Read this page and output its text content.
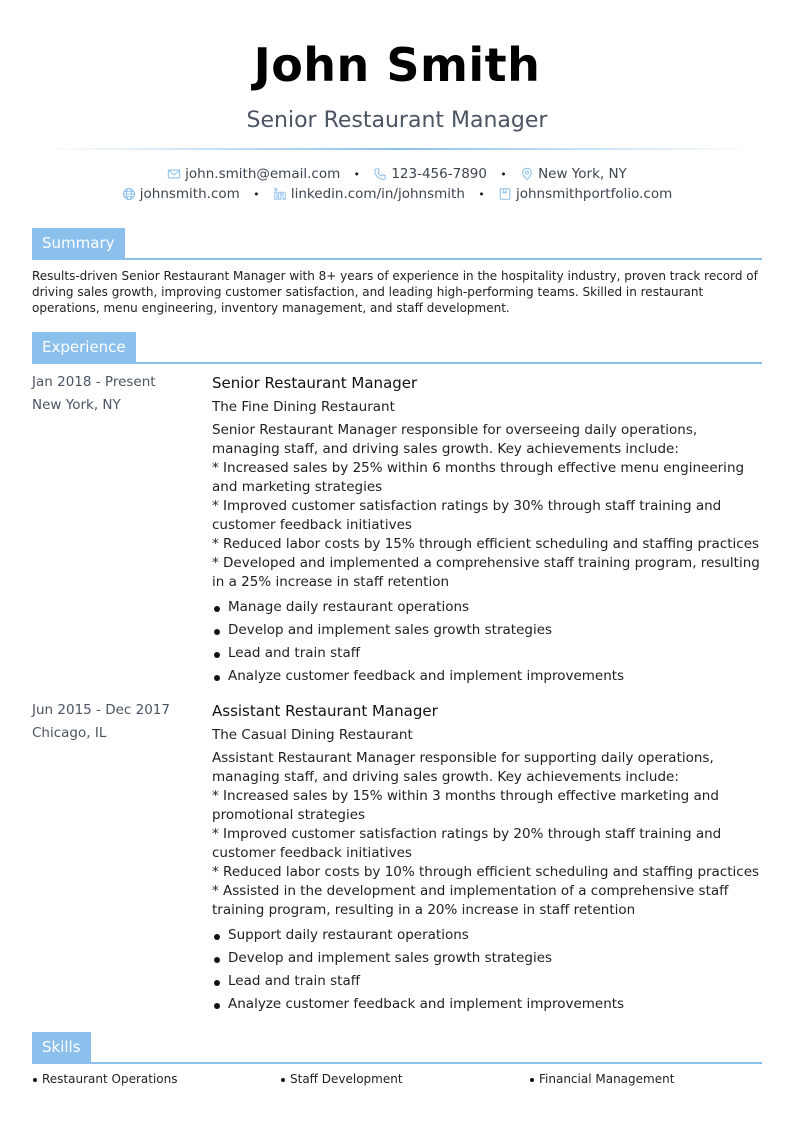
John Smith
Senior Restaurant Manager
john.smith@email.com • 123-456-7890 • New York, NY
johnsmith.com • linkedin.com/in/johnsmith • johnsmithportfolio.com
Summary
Results-driven Senior Restaurant Manager with 8+ years of experience in the hospitality industry, proven track record of driving sales growth, improving customer satisfaction, and leading high-performing teams. Skilled in restaurant operations, menu engineering, inventory management, and staff development.
Experience
Jan 2018 - Present
New York, NY
Senior Restaurant Manager
The Fine Dining Restaurant
Senior Restaurant Manager responsible for overseeing daily operations, managing staff, and driving sales growth. Key achievements include:
* Increased sales by 25% within 6 months through effective menu engineering and marketing strategies
* Improved customer satisfaction ratings by 30% through staff training and customer feedback initiatives
* Reduced labor costs by 15% through efficient scheduling and staffing practices
* Developed and implemented a comprehensive staff training program, resulting in a 25% increase in staff retention
Manage daily restaurant operations
Develop and implement sales growth strategies
Lead and train staff
Analyze customer feedback and implement improvements
Jun 2015 - Dec 2017
Chicago, IL
Assistant Restaurant Manager
The Casual Dining Restaurant
Assistant Restaurant Manager responsible for supporting daily operations, managing staff, and driving sales growth. Key achievements include:
* Increased sales by 15% within 3 months through effective marketing and promotional strategies
* Improved customer satisfaction ratings by 20% through staff training and customer feedback initiatives
* Reduced labor costs by 10% through efficient scheduling and staffing practices
* Assisted in the development and implementation of a comprehensive staff training program, resulting in a 20% increase in staff retention
Support daily restaurant operations
Develop and implement sales growth strategies
Lead and train staff
Analyze customer feedback and implement improvements
Skills
Restaurant Operations	Staff Development	Financial Management
